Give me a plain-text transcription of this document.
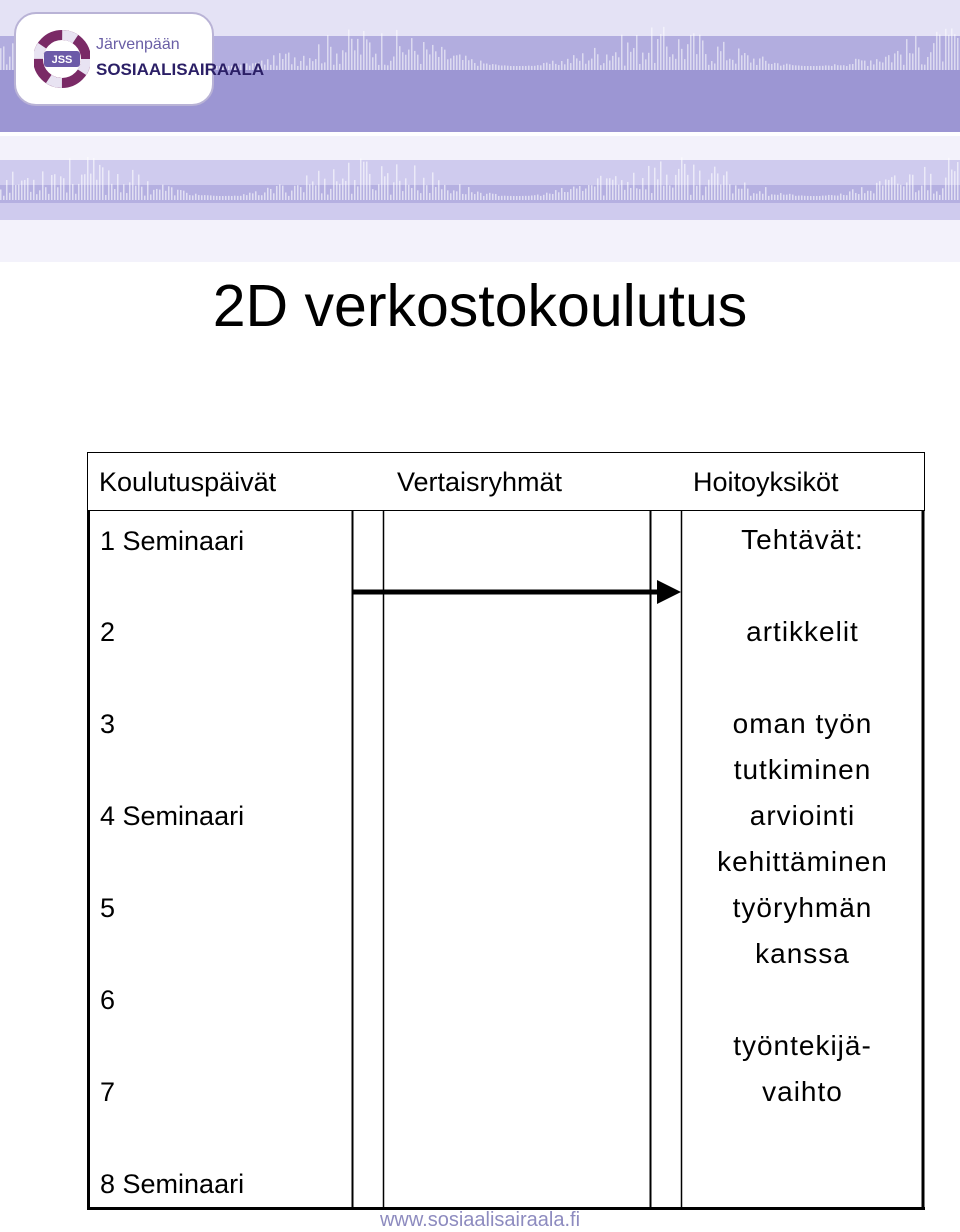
JSS
Järvenpään
SOSIAALISAIRAALA
2D verkostokoulutus
Koulutuspäivät	Vertaisryhmät	Hoitoyksiköt
1 Seminaari
2
3
4 Seminaari
5
6
7
8 Seminaari
Tehtävät:
artikkelit
oman työn
tutkiminen
arviointi
kehittäminen
työryhmän
kanssa
työntekijä-
vaihto
www.sosiaalisairaala.fi
